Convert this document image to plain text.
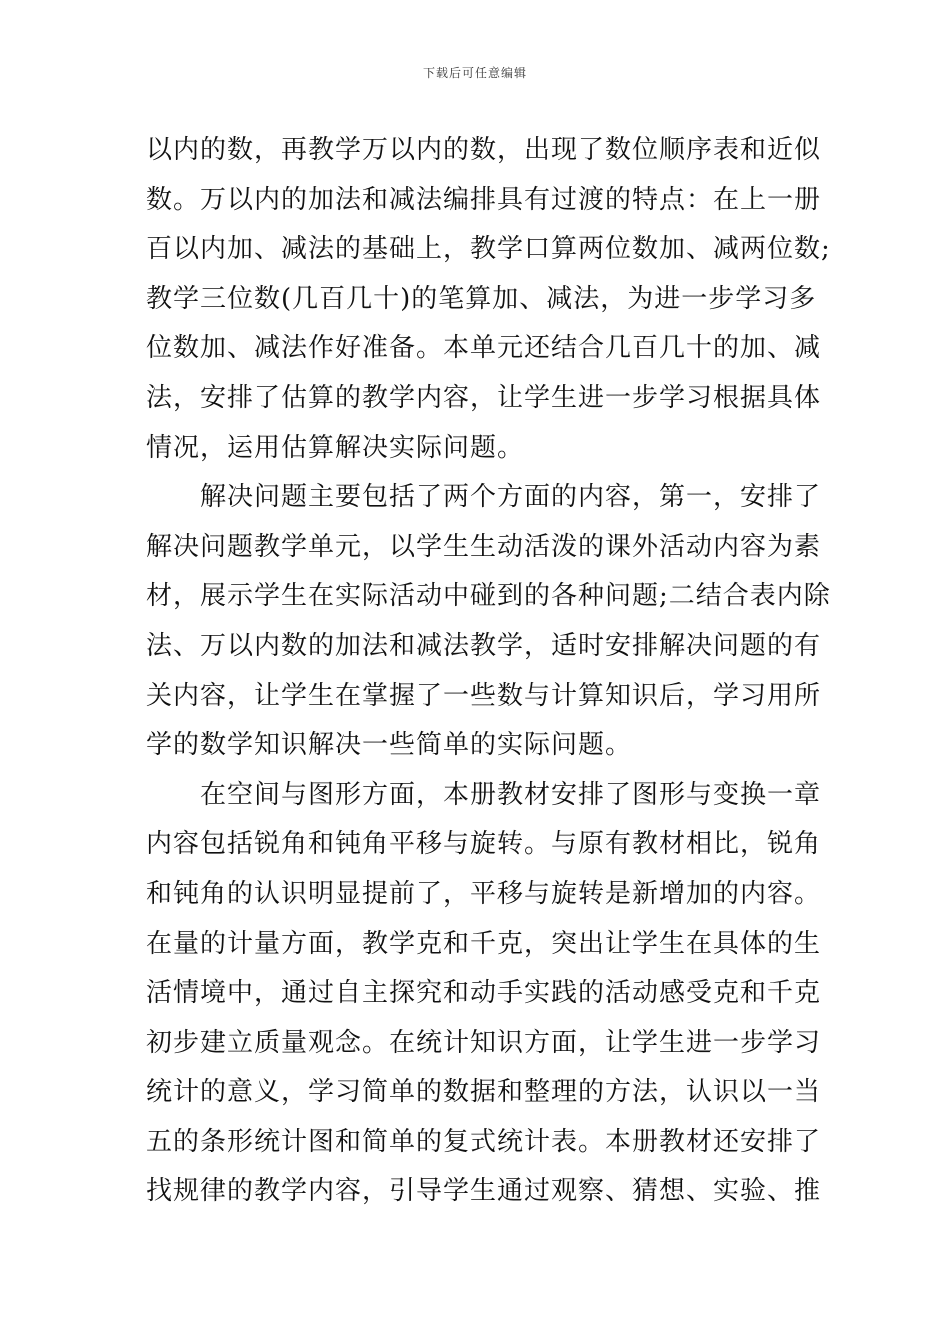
下载后可任意编辑
以内的数，再教学万以内的数，出现了数位顺序表和近似
数。万以内的加法和减法编排具有过渡的特点：在上一册
百以内加、减法的基础上，教学口算两位数加、减两位数;
教学三位数(几百几十)的笔算加、减法，为进一步学习多
位数加、减法作好准备。本单元还结合几百几十的加、减
法，安排了估算的教学内容，让学生进一步学习根据具体
情况，运用估算解决实际问题。
解决问题主要包括了两个方面的内容，第一，安排了
解决问题教学单元，以学生生动活泼的课外活动内容为素
材，展示学生在实际活动中碰到的各种问题;二结合表内除
法、万以内数的加法和减法教学，适时安排解决问题的有
关内容，让学生在掌握了一些数与计算知识后，学习用所
学的数学知识解决一些简单的实际问题。
在空间与图形方面，本册教材安排了图形与变换一章
内容包括锐角和钝角平移与旋转。与原有教材相比，锐角
和钝角的认识明显提前了，平移与旋转是新增加的内容。
在量的计量方面，教学克和千克，突出让学生在具体的生
活情境中，通过自主探究和动手实践的活动感受克和千克
初步建立质量观念。在统计知识方面，让学生进一步学习
统计的意义，学习简单的数据和整理的方法，认识以一当
五的条形统计图和简单的复式统计表。本册教材还安排了
找规律的教学内容，引导学生通过观察、猜想、实验、推
